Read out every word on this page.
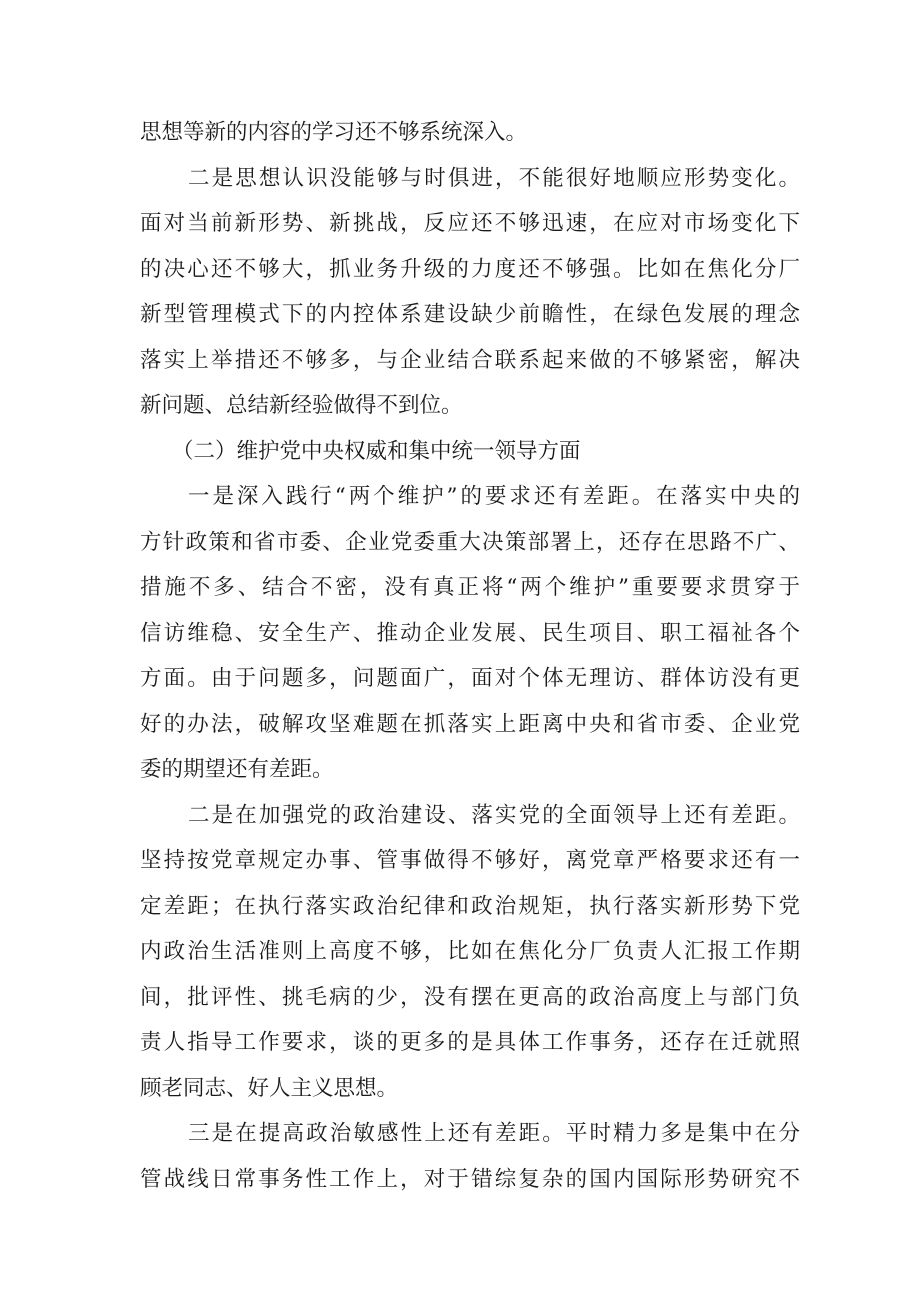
思想等新的内容的学习还不够系统深入。
二是思想认识没能够与时俱进，不能很好地顺应形势变化。
面对当前新形势、新挑战，反应还不够迅速，在应对市场变化下
的决心还不够大，抓业务升级的力度还不够强。比如在焦化分厂
新型管理模式下的内控体系建设缺少前瞻性，在绿色发展的理念
落实上举措还不够多，与企业结合联系起来做的不够紧密，解决
新问题、总结新经验做得不到位。
（二）维护党中央权威和集中统一领导方面
一是深入践行“两个维护”的要求还有差距。在落实中央的
方针政策和省市委、企业党委重大决策部署上，还存在思路不广、
措施不多、结合不密，没有真正将“两个维护”重要要求贯穿于
信访维稳、安全生产、推动企业发展、民生项目、职工福祉各个
方面。由于问题多，问题面广，面对个体无理访、群体访没有更
好的办法，破解攻坚难题在抓落实上距离中央和省市委、企业党
委的期望还有差距。
二是在加强党的政治建设、落实党的全面领导上还有差距。
坚持按党章规定办事、管事做得不够好，离党章严格要求还有一
定差距；在执行落实政治纪律和政治规矩，执行落实新形势下党
内政治生活准则上高度不够，比如在焦化分厂负责人汇报工作期
间，批评性、挑毛病的少，没有摆在更高的政治高度上与部门负
责人指导工作要求，谈的更多的是具体工作事务，还存在迁就照
顾老同志、好人主义思想。
三是在提高政治敏感性上还有差距。平时精力多是集中在分
管战线日常事务性工作上，对于错综复杂的国内国际形势研究不
